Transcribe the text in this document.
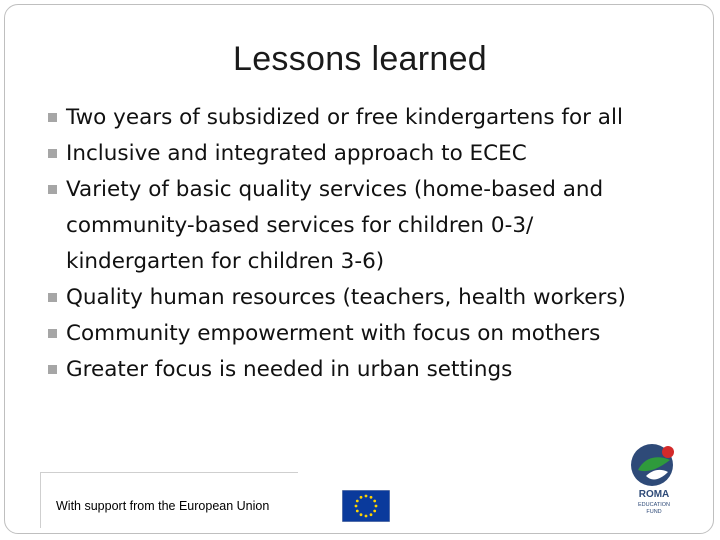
Lessons learned
Two years of subsidized or free kindergartens for all
Inclusive and integrated approach to ECEC
Variety of basic quality services (home-based and
community-based services for children 0-3/
kindergarten for children 3-6)
Quality human resources (teachers, health workers)
Community empowerment with focus on mothers
Greater focus is needed in urban settings
With support from the European Union
ROMA
EDUCATION
FUND
